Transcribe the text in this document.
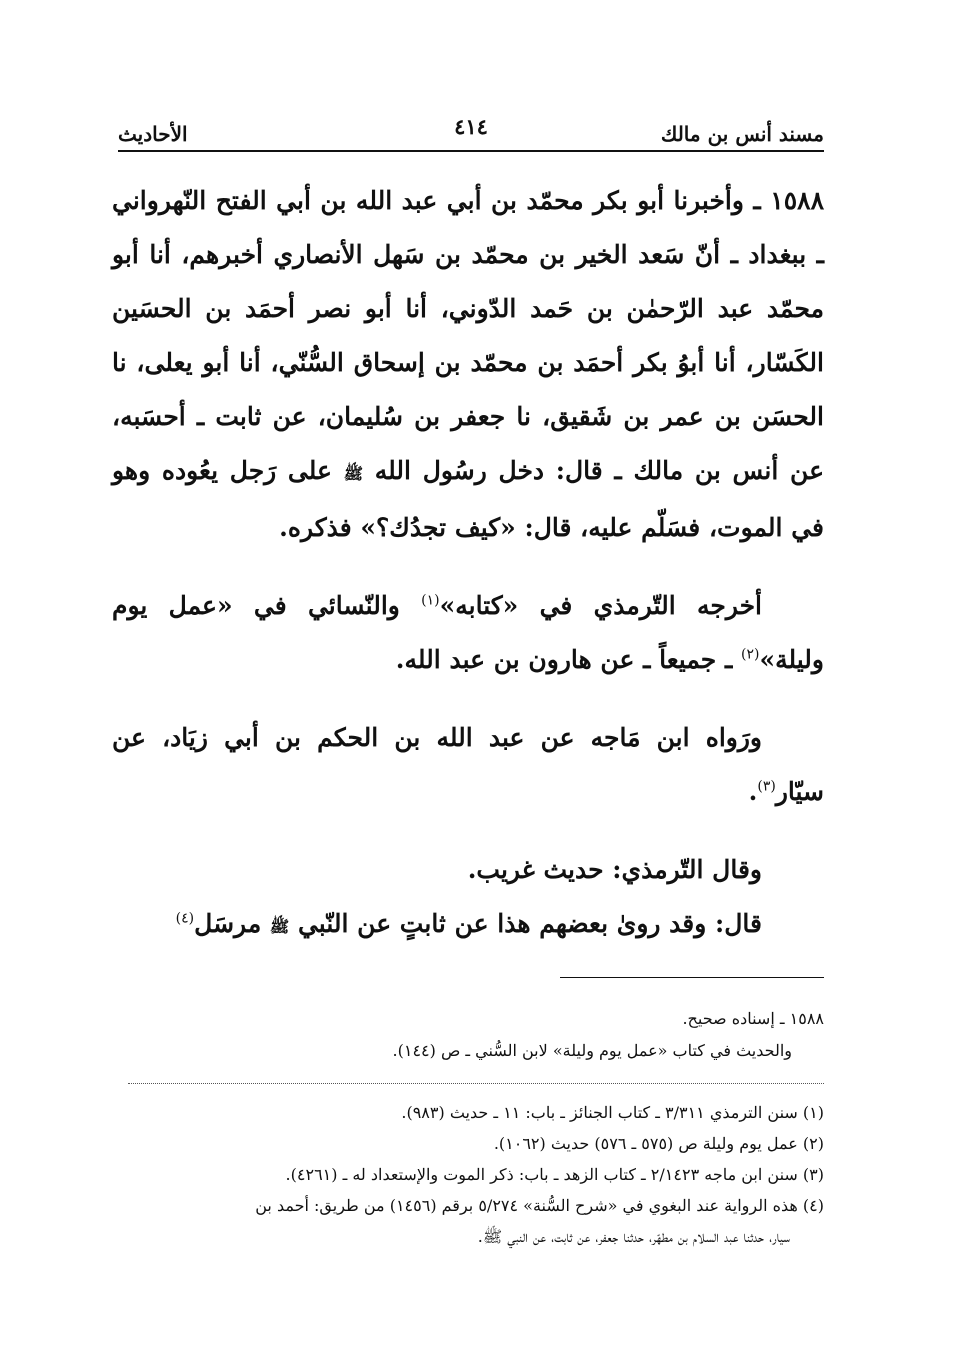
مسند أنس بن مالك
٤١٤
الأحاديث

١٥٨٨ ـ وأخبرنا أبو بكر محمّد بن أبي عبد الله بن أبي الفتح النّهرواني ـ ببغداد ـ أنّ سَعد الخير بن محمّد بن سَهل الأنصاري أخبرهم، أنا أبو محمّد عبد الرّحمٰن بن حَمد الدّوني، أنا أبو نصر أحمَد بن الحسَين الكَسّار، أنا أبوُ بكر أحمَد بن محمّد بن إسحاق السُّنّي، أنا أبو يعلى، نا الحسَن بن عمر بن شَقيق، نا جعفر بن سُليمان، عن ثابت ـ أحسَبه، عن أنس بن مالك ـ قال: دخل رسُول الله ﷺ على رَجل يعُوده وهو في الموت، فسَلّم عليه، قال: «كيف تجدُك؟» فذكره.

أخرجه التّرمذي في «كتابه»$^{(١)}$ والنّسائي في «عمل يوم وليلة»$^{(٢)}$ ـ جميعاً ـ عن هارون بن عبد الله.

ورَواه ابن مَاجه عن عبد الله بن الحكم بن أبي زيَاد، عن سيّار$^{(٣)}$.

وقال التّرمذي: حديث غريب.

قال: وقد روىٰ بعضهم هذا عن ثابتٍ عن النّبي ﷺ مرسَل$^{(٤)}$

١٥٨٨ ـ إسناده صحيح.

والحديث في كتاب «عمل يوم وليلة» لابن السُّني ـ ص (١٤٤).

(١) سنن الترمذي ٣/٣١١ ـ كتاب الجنائز ـ باب: ١١ ـ حديث (٩٨٣).

(٢) عمل يوم وليلة ص (٥٧٥ ـ ٥٧٦) حديث (١٠٦٢).

(٣) سنن ابن ماجه ٢/١٤٢٣ ـ كتاب الزهد ـ باب: ذكر الموت والإستعداد له ـ (٤٢٦١).

(٤) هذه الرواية عند البغوي في «شرح السُّنة» ٥/٢٧٤ برقم (١٤٥٦) من طريق: أحمد بن

سيار، حدثنا عبد السلام بن مطهّر، حدثنا جعفر، عن ثابت، عن النبي ﷺ.
